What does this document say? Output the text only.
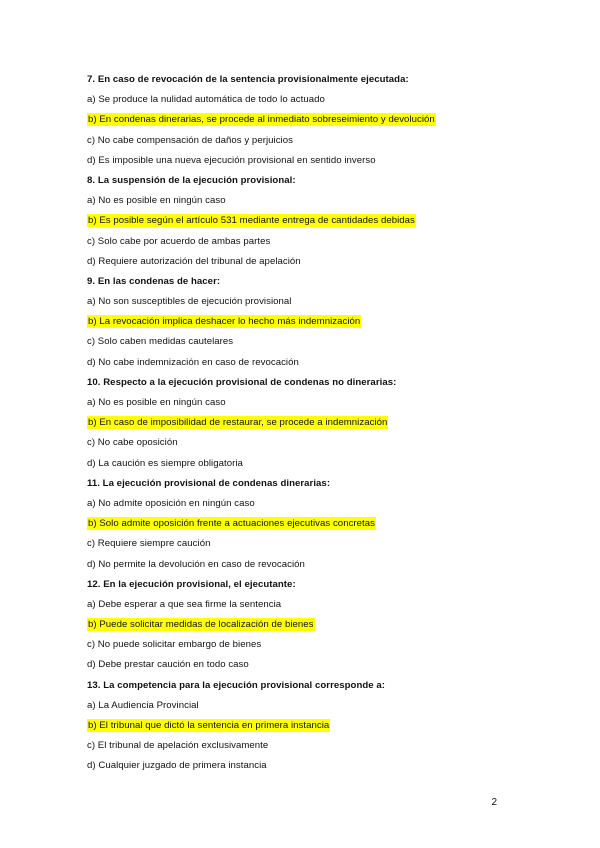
7. En caso de revocación de la sentencia provisionalmente ejecutada:
a) Se produce la nulidad automática de todo lo actuado
b) En condenas dinerarias, se procede al inmediato sobreseimiento y devolución
c) No cabe compensación de daños y perjuicios
d) Es imposible una nueva ejecución provisional en sentido inverso
8. La suspensión de la ejecución provisional:
a) No es posible en ningún caso
b) Es posible según el artículo 531 mediante entrega de cantidades debidas
c) Solo cabe por acuerdo de ambas partes
d) Requiere autorización del tribunal de apelación
9. En las condenas de hacer:
a) No son susceptibles de ejecución provisional
b) La revocación implica deshacer lo hecho más indemnización
c) Solo caben medidas cautelares
d) No cabe indemnización en caso de revocación
10. Respecto a la ejecución provisional de condenas no dinerarias:
a) No es posible en ningún caso
b) En caso de imposibilidad de restaurar, se procede a indemnización
c) No cabe oposición
d) La caución es siempre obligatoria
11. La ejecución provisional de condenas dinerarias:
a) No admite oposición en ningún caso
b) Solo admite oposición frente a actuaciones ejecutivas concretas
c) Requiere siempre caución
d) No permite la devolución en caso de revocación
12. En la ejecución provisional, el ejecutante:
a) Debe esperar a que sea firme la sentencia
b) Puede solicitar medidas de localización de bienes
c) No puede solicitar embargo de bienes
d) Debe prestar caución en todo caso
13. La competencia para la ejecución provisional corresponde a:
a) La Audiencia Provincial
b) El tribunal que dictó la sentencia en primera instancia
c) El tribunal de apelación exclusivamente
d) Cualquier juzgado de primera instancia
2
